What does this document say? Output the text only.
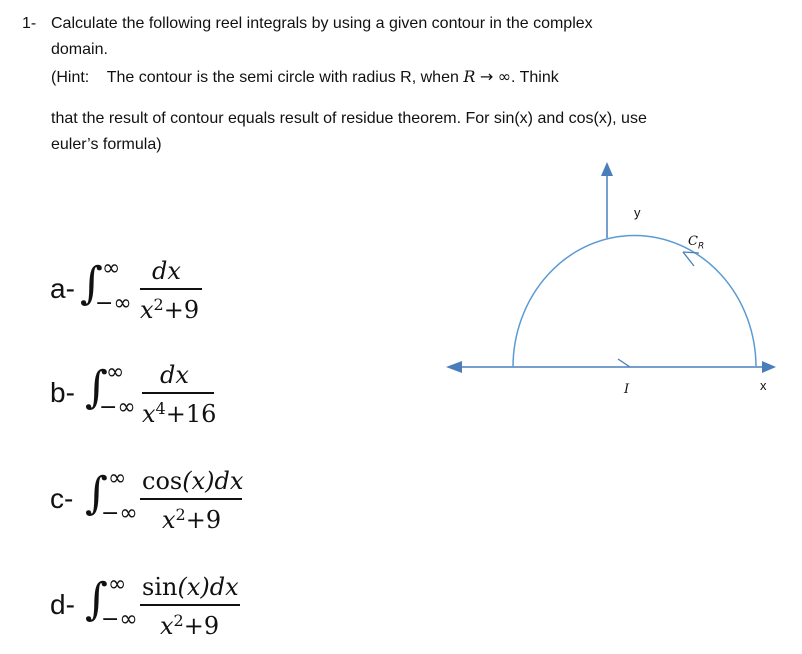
1- Calculate the following reel integrals by using a given contour in the complex
domain.
(Hint: The contour is the semi circle with radius R, when R → ∞. Think
that the result of contour equals result of residue theorem. For sin(x) and cos(x), use
euler’s formula)
a- ∫ ∞
−∞
dx
$x^2+9$
b- ∫
∞
−∞
dx
$x^4+16$
c- ∫ ∞
−∞
cos(x)dx
$x^2+9$
d- ∫ ∞
−∞
sin(x)dx
$x^2+9$
y
x
$C_R$
I
